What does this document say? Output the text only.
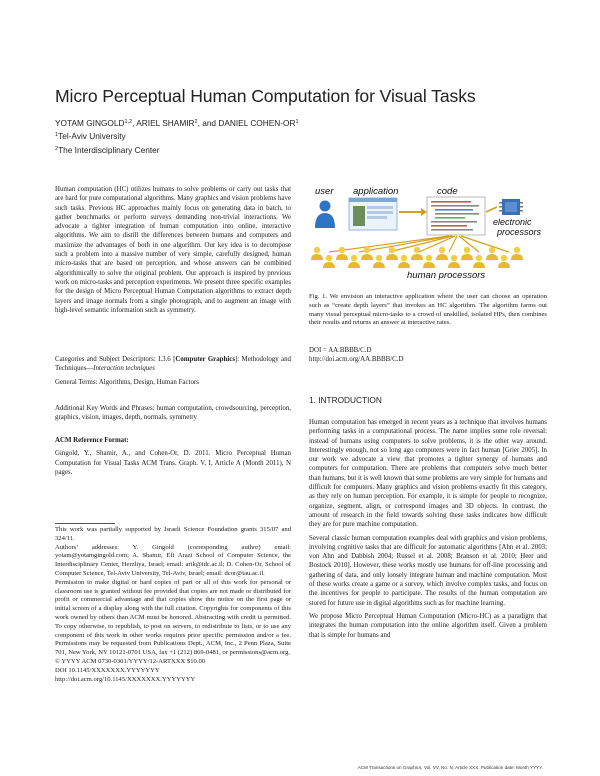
Micro Perceptual Human Computation for Visual Tasks
YOTAM GINGOLD$^{1,2}$, ARIEL SHAMIR$^2$, and DANIEL COHEN-$OR^1$
$^1$Tel-Aviv University
$^2$The Interdisciplinary Center

Human computation (HC) utilizes humans to solve problems or carry out tasks that are hard for pure computational algorithms. Many graphics and vision problems have such tasks. Previous HC approaches mainly focus on generating data in batch, to gather benchmarks or perform surveys demanding non-trivial interactions. We advocate a tighter integration of human computation into online, interactive algorithms. We aim to distill the differences between humans and computers and maximize the advantages of both in one algorithm. Our key idea is to decompose such a problem into a massive number of very simple, carefully designed, human micro-tasks that are based on perception, and whose answers can be combined algorithmically to solve the original problem. Our approach is inspired by previous work on micro-tasks and perception experiments. We present three specific examples for the design of Micro Perceptual Human Computation algorithms to extract depth layers and image normals from a single photograph, and to augment an image with high-level semantic information such as symmetry.

Categories and Subject Descriptors: I.3.6 [Computer Graphics]: Methodology and Techniques—Interaction techniques

General Terms: Algorithms, Design, Human Factors

Additional Key Words and Phrases: human computation, crowdsourcing, perception, graphics, vision, images, depth, normals, symmetry

ACM Reference Format:

Gingold, Y., Shamir, A., and Cohen-Or, D. 2011. Micro Perceptual Human Computation for Visual Tasks ACM Trans. Graph. V, I, Article A (Month 2011), N pages.

This work was partially supported by Israeli Science Foundation grants 315/07 and 324/11.

Authors’ addresses: Y. Gingold (corresponding author) email: yotam@yotamgingold.com; A. Shamir, Efi Arazi School of Computer Science, the Interdisciplinary Center, Herzliya, Israel; email: arik@idc.ac.il; D. Cohen-Or, School of Computer Science, Tel-Aviv University, Tel-Aviv, Israel; email: dcor@tau.ac.il.

Permission to make digital or hard copies of part or all of this work for personal or classroom use is granted without fee provided that copies are not made or distributed for profit or commercial advantage and that copies show this notice on the first page or initial screen of a display along with the full citation. Copyrights for components of this work owned by others than ACM must be honored. Abstracting with credit is permitted. To copy otherwise, to republish, to post on servers, to redistribute to lists, or to use any component of this work in other works requires prior specific permission and/or a fee. Permissions may be requested from Publications Dept., ACM, Inc., 2 Penn Plaza, Suite 701, New York, NY 10121-0701 USA, fax +1 (212) 869-0481, or permissions@acm.org.

© YYYY ACM 0730-0301/YYYY/12-ARTXXX $10.00

DOI 10.1145/XXXXXXX.YYYYYYY

http://doi.acm.org/10.1145/XXXXXXX.YYYYYYY

user application	code
electronic
processors
human processors

Fig. 1. We envision an interactive application where the user can choose an operation such as “create depth layers” that invokes an HC algorithm. The algorithm farms out many visual perceptual micro-tasks to a crowd of unskilled, isolated HPs, then combines their results and returns an answer at interactive rates.

DOI = AA.BBBB/C.D

http://doi.acm.org/AA.BBBB/C.D

1. INTRODUCTION

Human computation has emerged in recent years as a technique that involves humans performing tasks in a computational process. The name implies some role reversal: instead of humans using computers to solve problems, it is the other way around. Interestingly enough, not so long ago computers were in fact human [Grier 2005]. In our work we advocate a view that promotes a tighter synergy of humans and computers for computation. There are problems that computers solve much better than humans, but it is well known that some problems are very simple for humans and difficult for computers. Many graphics and vision problems exactly fit this category, as they rely on human perception. For example, it is simple for people to recognize, organize, segment, align, or correspond images and 3D objects. In contrast, the amount of research in the field towards solving these tasks indicates how difficult they are for pure machine computation.

Several classic human computation examples deal with graphics and vision problems, involving cognitive tasks that are difficult for automatic algorithms [Ahn et al. 2003; von Ahn and Dabbish 2004; Russel et al. 2008; Branson et al. 2010; Heer and Bostock 2010]. However, these works mostly use humans for off-line processing and gathering of data, and only loosely integrate human and machine computation. Most of these works create a game or a survey, which involve complex tasks, and focus on the incentives for people to participate. The results of the human computation are stored for future use in digital algorithms such as for machine learning.

We propose Micro Perceptual Human Computation (Micro-HC) as a paradigm that integrates the human computation into the online algorithm itself. Given a problem that is simple for humans and

ACM Transactions on Graphics, Vol. VV, No. N, Article XXX, Publication date: Month YYYY.
